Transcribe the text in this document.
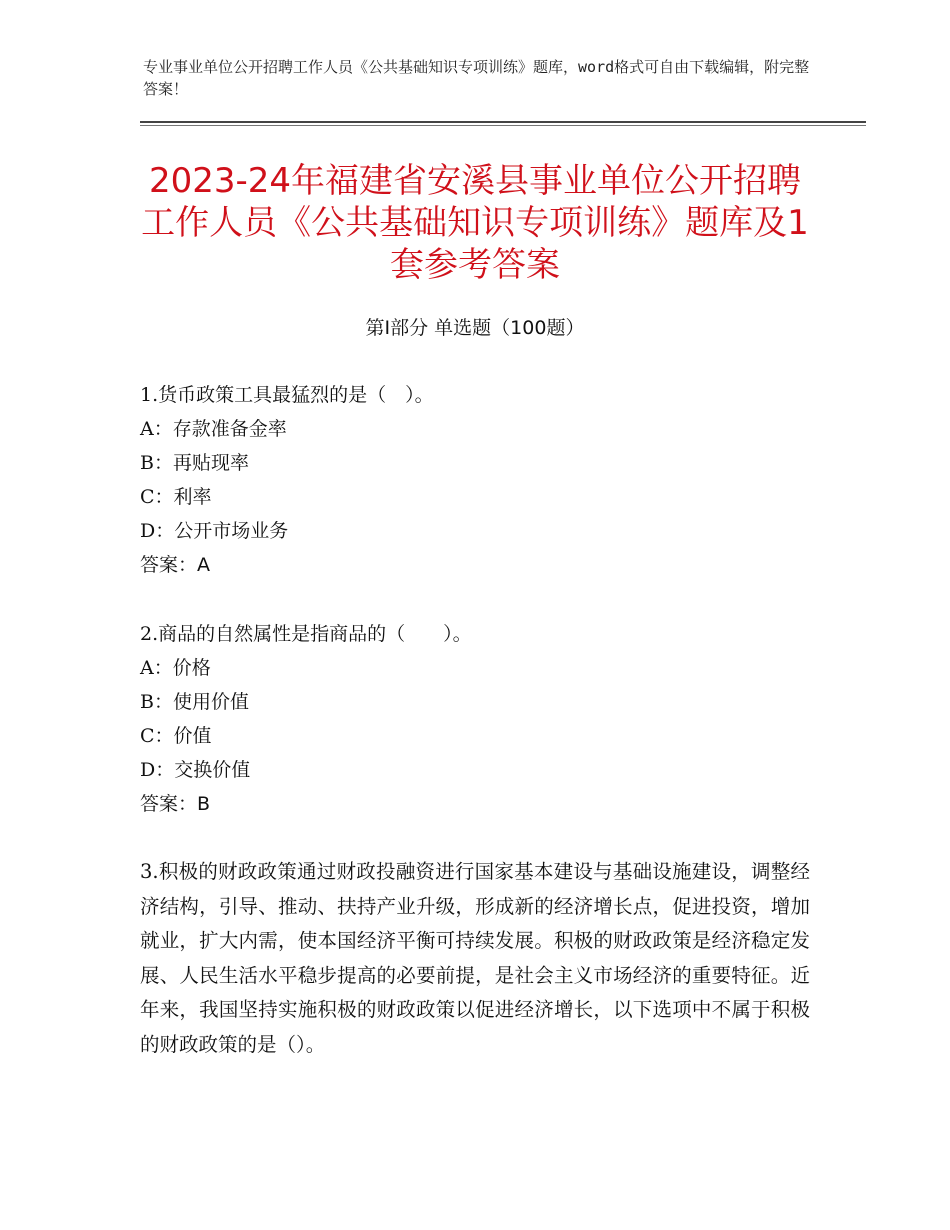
专业事业单位公开招聘工作人员《公共基础知识专项训练》题库，word格式可自由下载编辑，附完整答案！
2023-24年福建省安溪县事业单位公开招聘工作人员《公共基础知识专项训练》题库及1套参考答案
第Ⅰ部分 单选题（100题）
1.货币政策工具最猛烈的是（　）。
A：存款准备金率
B：再贴现率
C：利率
D：公开市场业务
答案：A
2.商品的自然属性是指商品的（　　）。
A：价格
B：使用价值
C：价值
D：交换价值
答案：B
3.积极的财政政策通过财政投融资进行国家基本建设与基础设施建设，调整经济结构，引导、推动、扶持产业升级，形成新的经济增长点，促进投资，增加就业，扩大内需，使本国经济平衡可持续发展。积极的财政政策是经济稳定发展、人民生活水平稳步提高的必要前提，是社会主义市场经济的重要特征。近年来，我国坚持实施积极的财政政策以促进经济增长，以下选项中不属于积极的财政政策的是（）。
